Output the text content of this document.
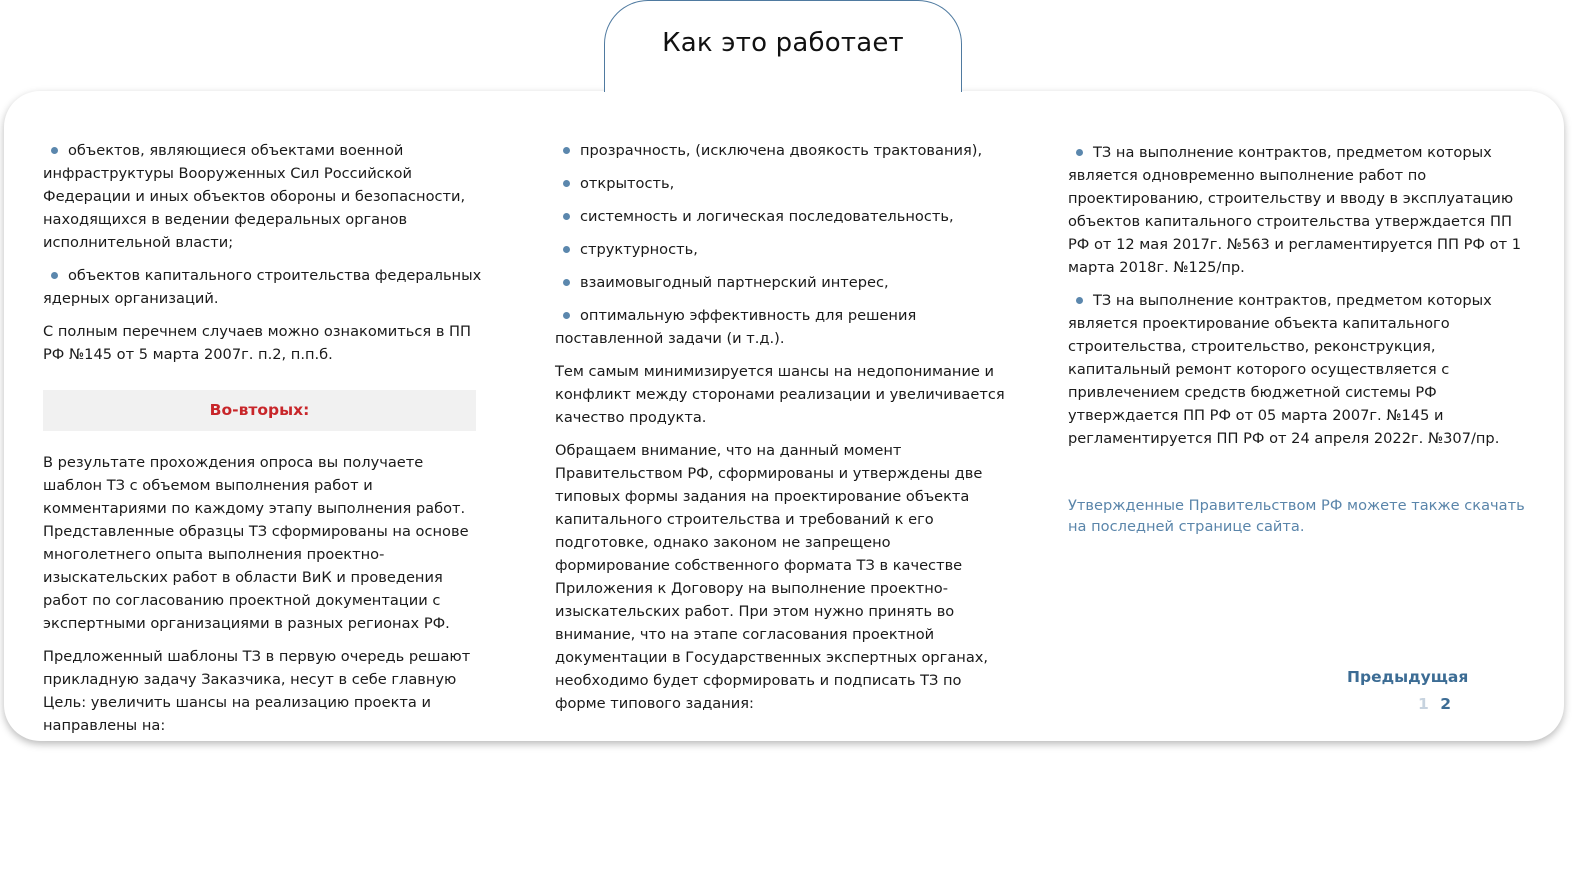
Как это работает

объектов, являющиеся объектами военной инфраструктуры Вооруженных Сил Российской Федерации и иных объектов обороны и безопасности, находящихся в ведении федеральных органов исполнительной власти;

объектов капитального строительства федеральных ядерных организаций.

С полным перечнем случаев можно ознакомиться в ПП РФ №145 от 5 марта 2007г. п.2, п.п.б.

Во-вторых:

В результате прохождения опроса вы получаете шаблон ТЗ с объемом выполнения работ и комментариями по каждому этапу выполнения работ. Представленные образцы ТЗ сформированы на основе многолетнего опыта выполнения проектно-изыскательских работ в области ВиК и проведения работ по согласованию проектной документации с экспертными организациями в разных регионах РФ.

Предложенный шаблоны ТЗ в первую очередь решают прикладную задачу Заказчика, несут в себе главную Цель: увеличить шансы на реализацию проекта и направлены на:

прозрачность, (исключена двоякость трактования),

открытость,

системность и логическая последовательность,

структурность,

взаимовыгодный партнерский интерес,

оптимальную эффективность для решения поставленной задачи (и т.д.).

Тем самым минимизируется шансы на недопонимание и конфликт между сторонами реализации и увеличивается качество продукта.

Обращаем внимание, что на данный момент Правительством РФ, сформированы и утверждены две типовых формы задания на проектирование объекта капитального строительства и требований к его подготовке, однако законом не запрещено формирование собственного формата ТЗ в качестве Приложения к Договору на выполнение проектно-изыскательских работ. При этом нужно принять во внимание, что на этапе согласования проектной документации в Государственных экспертных органах, необходимо будет сформировать и подписать ТЗ по форме типового задания:

ТЗ на выполнение контрактов, предметом которых является одновременно выполнение работ по проектированию, строительству и вводу в эксплуатацию объектов капитального строительства утверждается ПП РФ от 12 мая 2017г. №563 и регламентируется ПП РФ от 1 марта 2018г. №125/пр.

ТЗ на выполнение контрактов, предметом которых является проектирование объекта капитального строительства, строительство, реконструкция, капитальный ремонт которого осуществляется с привлечением средств бюджетной системы РФ утверждается ПП РФ от 05 марта 2007г. №145 и регламентируется ПП РФ от 24 апреля 2022г. №307/пр.

Утвержденные Правительством РФ можете также скачать на последней странице сайта.
Предыдущая
1 2
